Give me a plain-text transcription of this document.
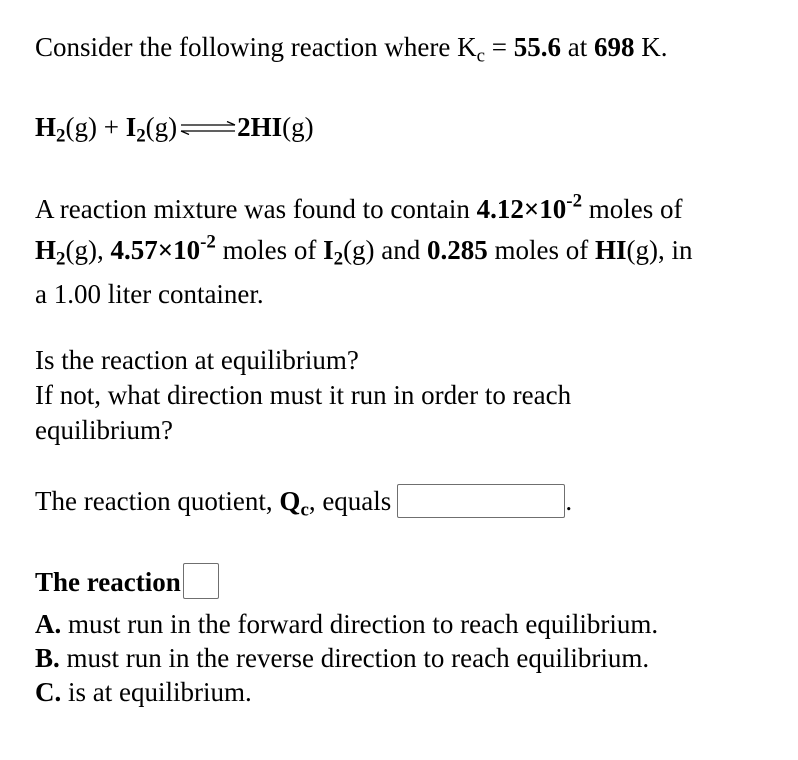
Consider the following reaction where $K_c = 55.6$ at 698 K.
$H_2(g) + I_2(g)$ ⇌2HI(g)
A reaction mixture was found to contain $4.12\times 10^{-2}$ moles of
$H_2(g)$, $4.57\times 10^{-2}$ moles of $I_2(g)$ and 0.285 moles of HI(g), in
a 1.00 liter container.
Is the reaction at equilibrium?
If not, what direction must it run in order to reach
equilibrium?
The reaction quotient, $Q_c$, equals	.
The reaction
A. must run in the forward direction to reach equilibrium.
B. must run in the reverse direction to reach equilibrium.
C. is at equilibrium.
